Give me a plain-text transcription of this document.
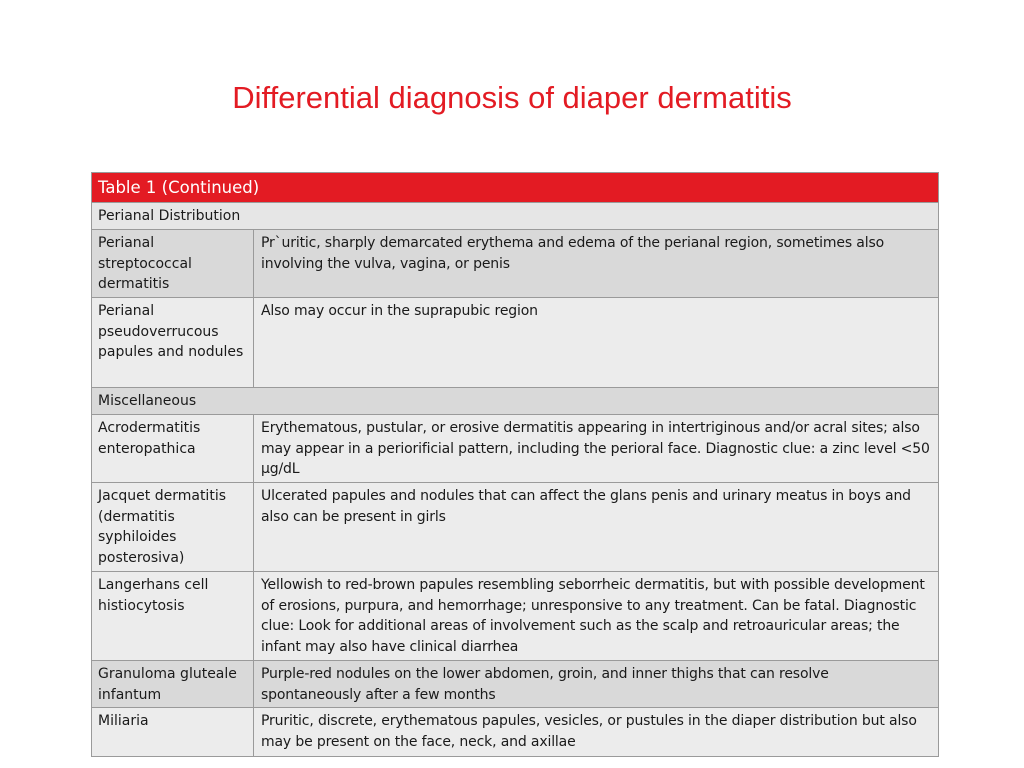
Differential diagnosis of diaper dermatitis
Table 1 (Continued)
Perianal Distribution
Perianal streptococcal dermatitis
Pr`uritic, sharply demarcated erythema and edema of the perianal region, sometimes also involving the vulva, vagina, or penis
Perianal pseudoverrucous papules and nodules
Also may occur in the suprapubic region
Miscellaneous
Acrodermatitis enteropathica
Erythematous, pustular, or erosive dermatitis appearing in intertriginous and/or acral sites; also may appear in a periorificial pattern, including the perioral face. Diagnostic clue: a zinc level <50 µg/dL
Jacquet dermatitis (dermatitis syphiloides posterosiva)
Ulcerated papules and nodules that can affect the glans penis and urinary meatus in boys and also can be present in girls
Langerhans cell histiocytosis
Yellowish to red-brown papules resembling seborrheic dermatitis, but with possible development of erosions, purpura, and hemorrhage; unresponsive to any treatment. Can be fatal. Diagnostic clue: Look for additional areas of involvement such as the scalp and retroauricular areas; the infant may also have clinical diarrhea
Granuloma gluteale infantum
Purple-red nodules on the lower abdomen, groin, and inner thighs that can resolve spontaneously after a few months
Miliaria	Pruritic, discrete, erythematous papules, vesicles, or pustules in the diaper distribution but also may be present on the face, neck, and axillae
